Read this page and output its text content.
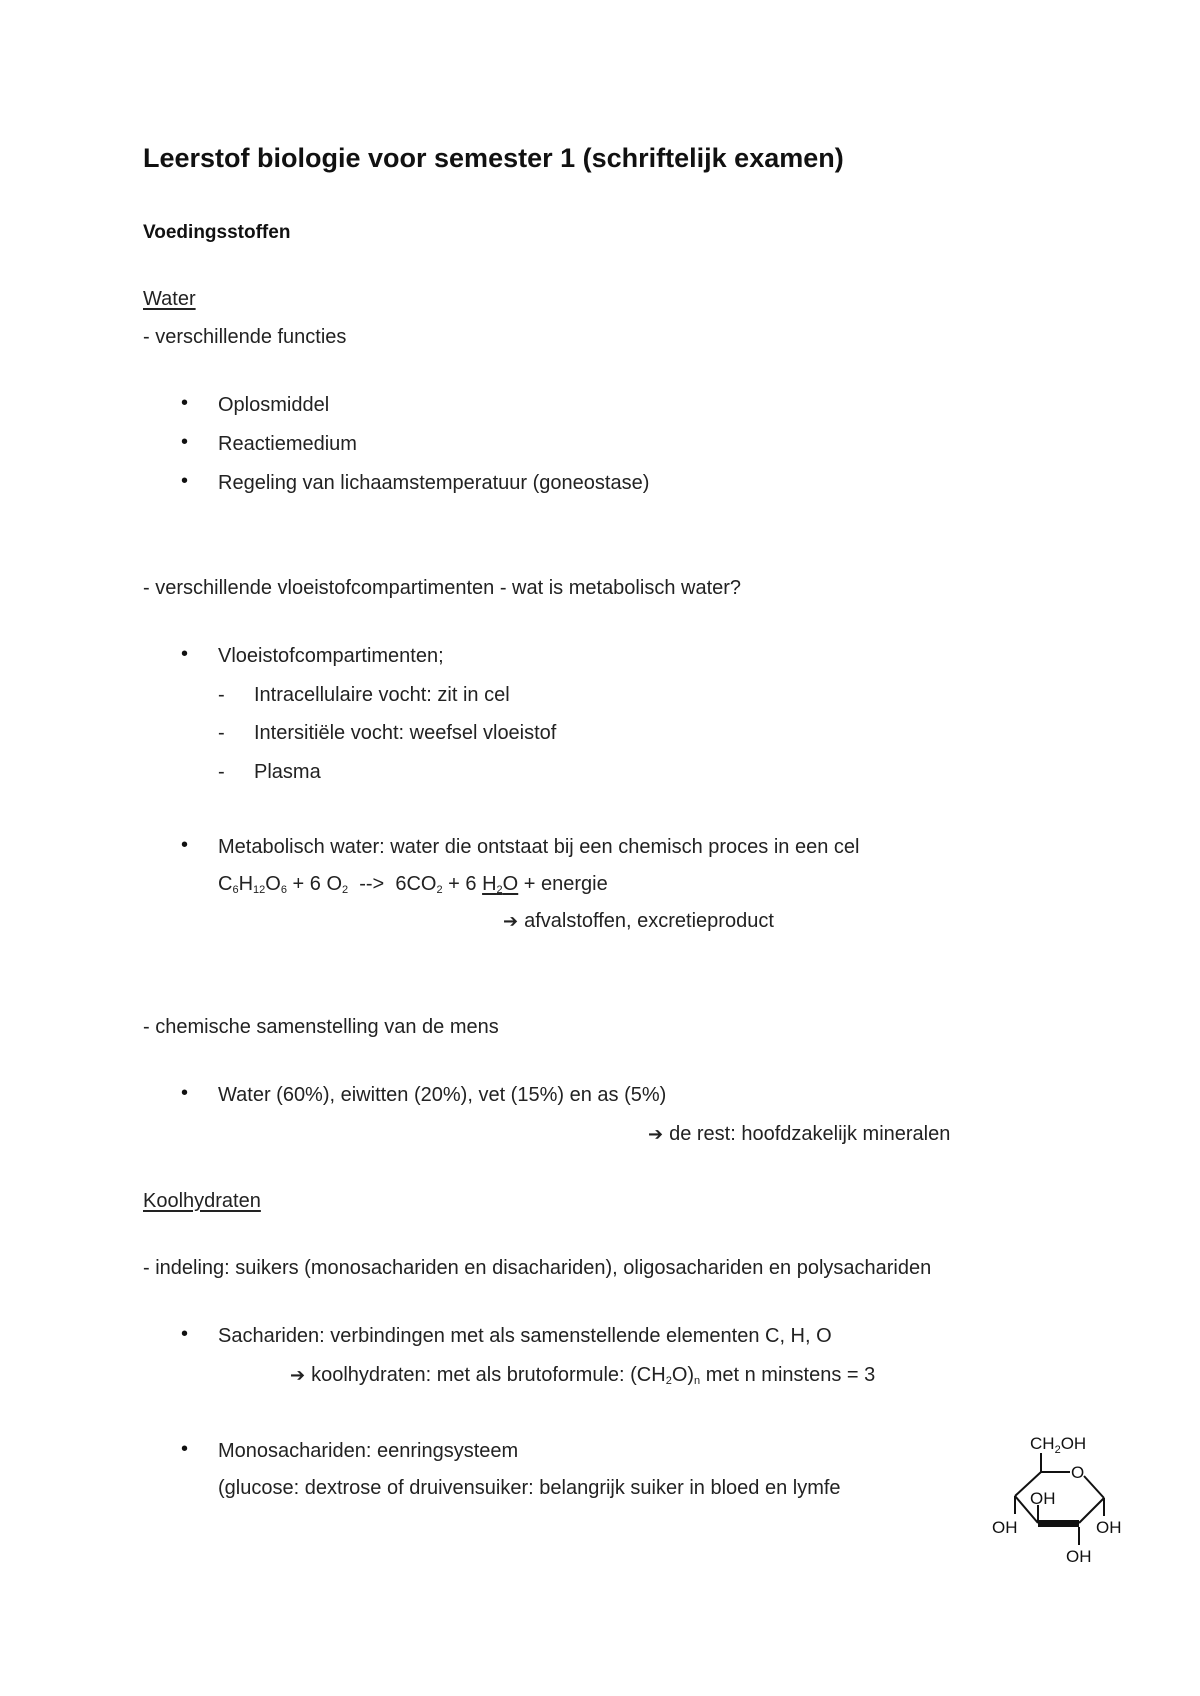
Leerstof biologie voor semester 1 (schriftelijk examen)
Voedingsstoffen
Water
- verschillende functies
• Oplosmiddel
• Reactiemedium
• Regeling van lichaamstemperatuur (goneostase)
- verschillende vloeistofcompartimenten - wat is metabolisch water?
• Vloeistofcompartimenten;
- Intracellulaire vocht: zit in cel
- Intersitiële vocht: weefsel vloeistof
- Plasma
• Metabolisch water: water die ontstaat bij een chemisch proces in een cel
$C_6H_{12}O_6 + 6$ $O_2$  -->  $6CO_2 + 6$ $H_2O$ + energie
➔ afvalstoffen, excretieproduct
- chemische samenstelling van de mens
• Water (60%), eiwitten (20%), vet (15%) en as (5%)
➔ de rest: hoofdzakelijk mineralen
Koolhydraten
- indeling: suikers (monosachariden en disachariden), oligosachariden en polysachariden
• Sachariden: verbindingen met als samenstellende elementen C, H, O
➔ koolhydraten: met als brutoformule: $(CH_2O)_n$ met n minstens = 3
• Monosachariden: eenringsysteem
(glucose: dextrose of druivensuiker: belangrijk suiker in bloed en lymfe
$CH_2OH$
O
OH
OH	OH
OH
